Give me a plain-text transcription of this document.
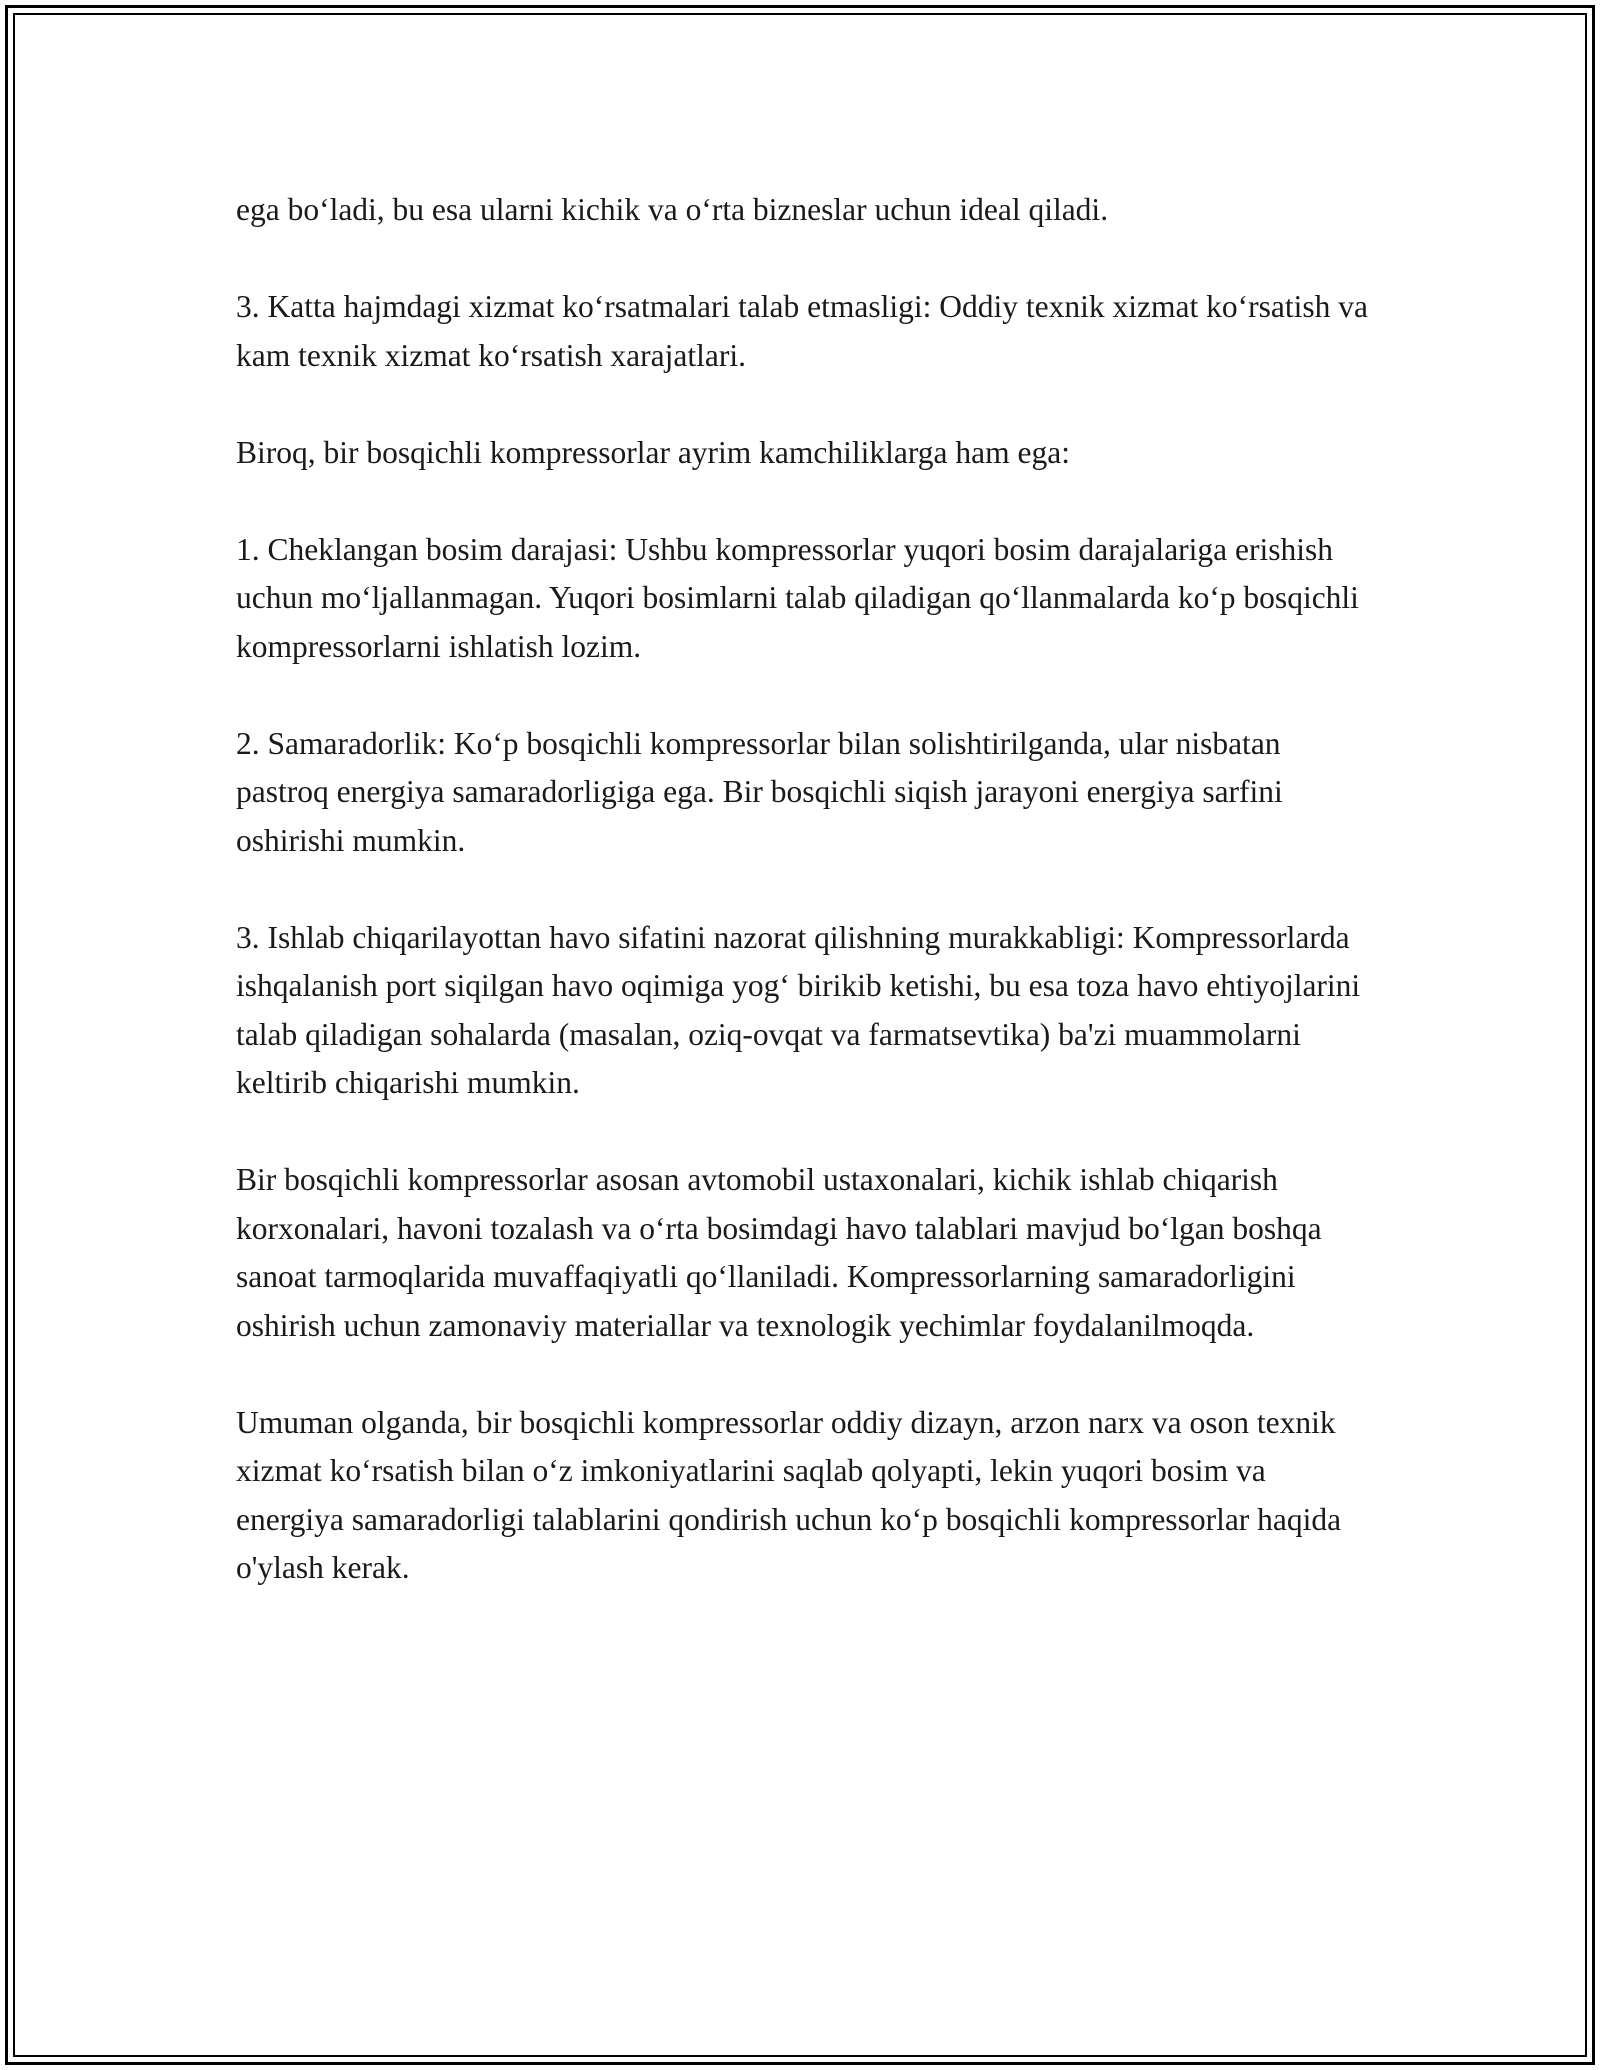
ega bo‘ladi, bu esa ularni kichik va o‘rta bizneslar uchun ideal qiladi.

3. Katta hajmdagi xizmat ko‘rsatmalari talab etmasligi: Oddiy texnik xizmat ko‘rsatish va kam texnik xizmat ko‘rsatish xarajatlari.

Biroq, bir bosqichli kompressorlar ayrim kamchiliklarga ham ega:

1. Cheklangan bosim darajasi: Ushbu kompressorlar yuqori bosim darajalariga erishish uchun mo‘ljallanmagan. Yuqori bosimlarni talab qiladigan qo‘llanmalarda ko‘p bosqichli kompressorlarni ishlatish lozim.

2. Samaradorlik: Ko‘p bosqichli kompressorlar bilan solishtirilganda, ular nisbatan pastroq energiya samaradorligiga ega. Bir bosqichli siqish jarayoni energiya sarfini oshirishi mumkin.

3. Ishlab chiqarilayottan havo sifatini nazorat qilishning murakkabligi: Kompressorlarda ishqalanish port siqilgan havo oqimiga yog‘ birikib ketishi, bu esa toza havo ehtiyojlarini talab qiladigan sohalarda (masalan, oziq-ovqat va farmatsevtika) ba'zi muammolarni keltirib chiqarishi mumkin.

Bir bosqichli kompressorlar asosan avtomobil ustaxonalari, kichik ishlab chiqarish korxonalari, havoni tozalash va o‘rta bosimdagi havo talablari mavjud bo‘lgan boshqa sanoat tarmoqlarida muvaffaqiyatli qo‘llaniladi. Kompressorlarning samaradorligini oshirish uchun zamonaviy materiallar va texnologik yechimlar foydalanilmoqda.

Umuman olganda, bir bosqichli kompressorlar oddiy dizayn, arzon narx va oson texnik xizmat ko‘rsatish bilan o‘z imkoniyatlarini saqlab qolyapti, lekin yuqori bosim va energiya samaradorligi talablarini qondirish uchun ko‘p bosqichli kompressorlar haqida o'ylash kerak.
